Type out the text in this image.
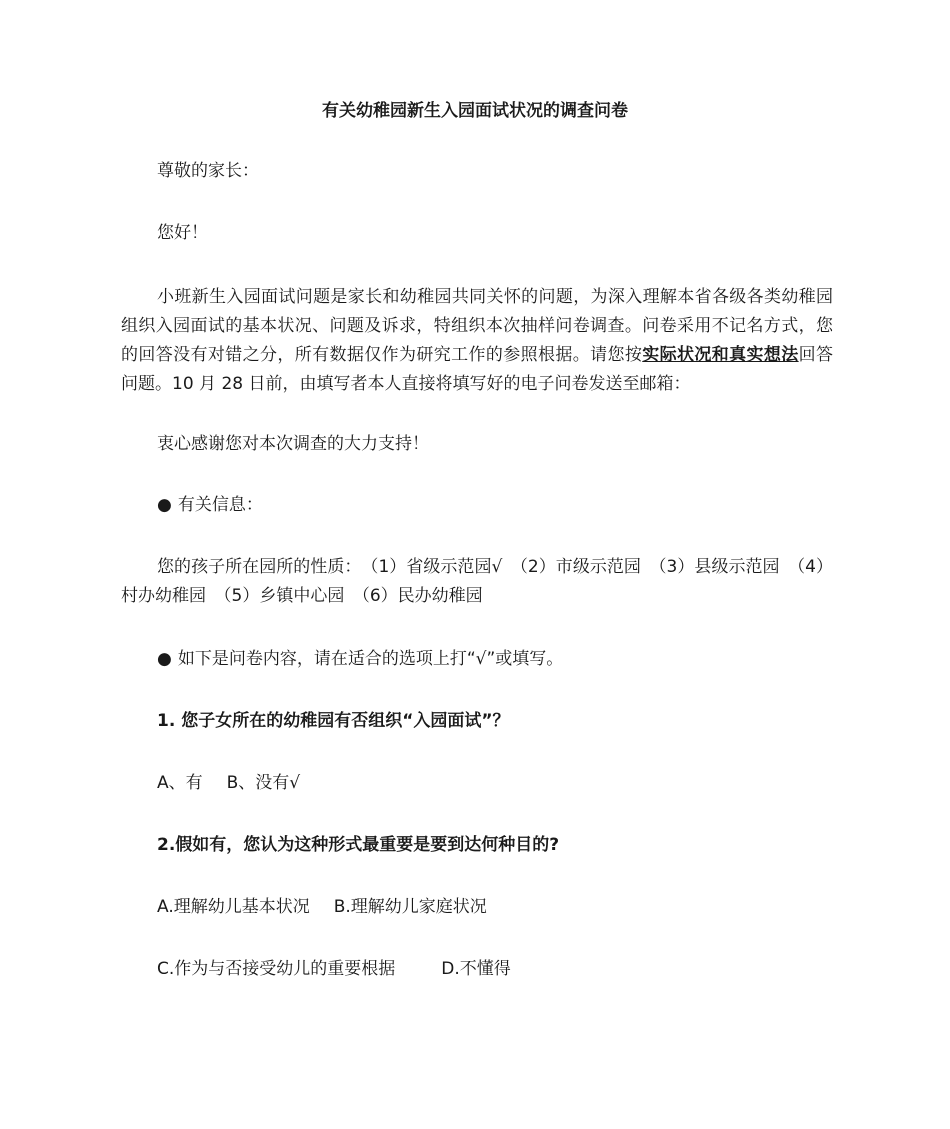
有关幼稚园新生入园面试状况的调查问卷
尊敬的家长：
您好！
小班新生入园面试问题是家长和幼稚园共同关怀的问题，为深入理解本省各级各类幼稚园组织入园面试的基本状况、问题及诉求，特组织本次抽样问卷调查。问卷采用不记名方式，您的回答没有对错之分，所有数据仅作为研究工作的参照根据。请您按实际状况和真实想法回答问题。10 月 28 日前，由填写者本人直接将填写好的电子问卷发送至邮箱：
衷心感谢您对本次调查的大力支持！
● 有关信息：
您的孩子所在园所的性质：　（1）省级示范园√　（2）市级示范园　（3）县级示范园　（4）村办幼稚园　（5）乡镇中心园　（6）民办幼稚园
● 如下是问卷内容，请在适合的选项上打“√”或填写。
1. 您子女所在的幼稚园有否组织“入园面试”？
A、有 B、没有√
2.假如有，您认为这种形式最重要是要到达何种目的?
A.理解幼儿基本状况 B.理解幼儿家庭状况
C.作为与否接受幼儿的重要根据	D.不懂得
